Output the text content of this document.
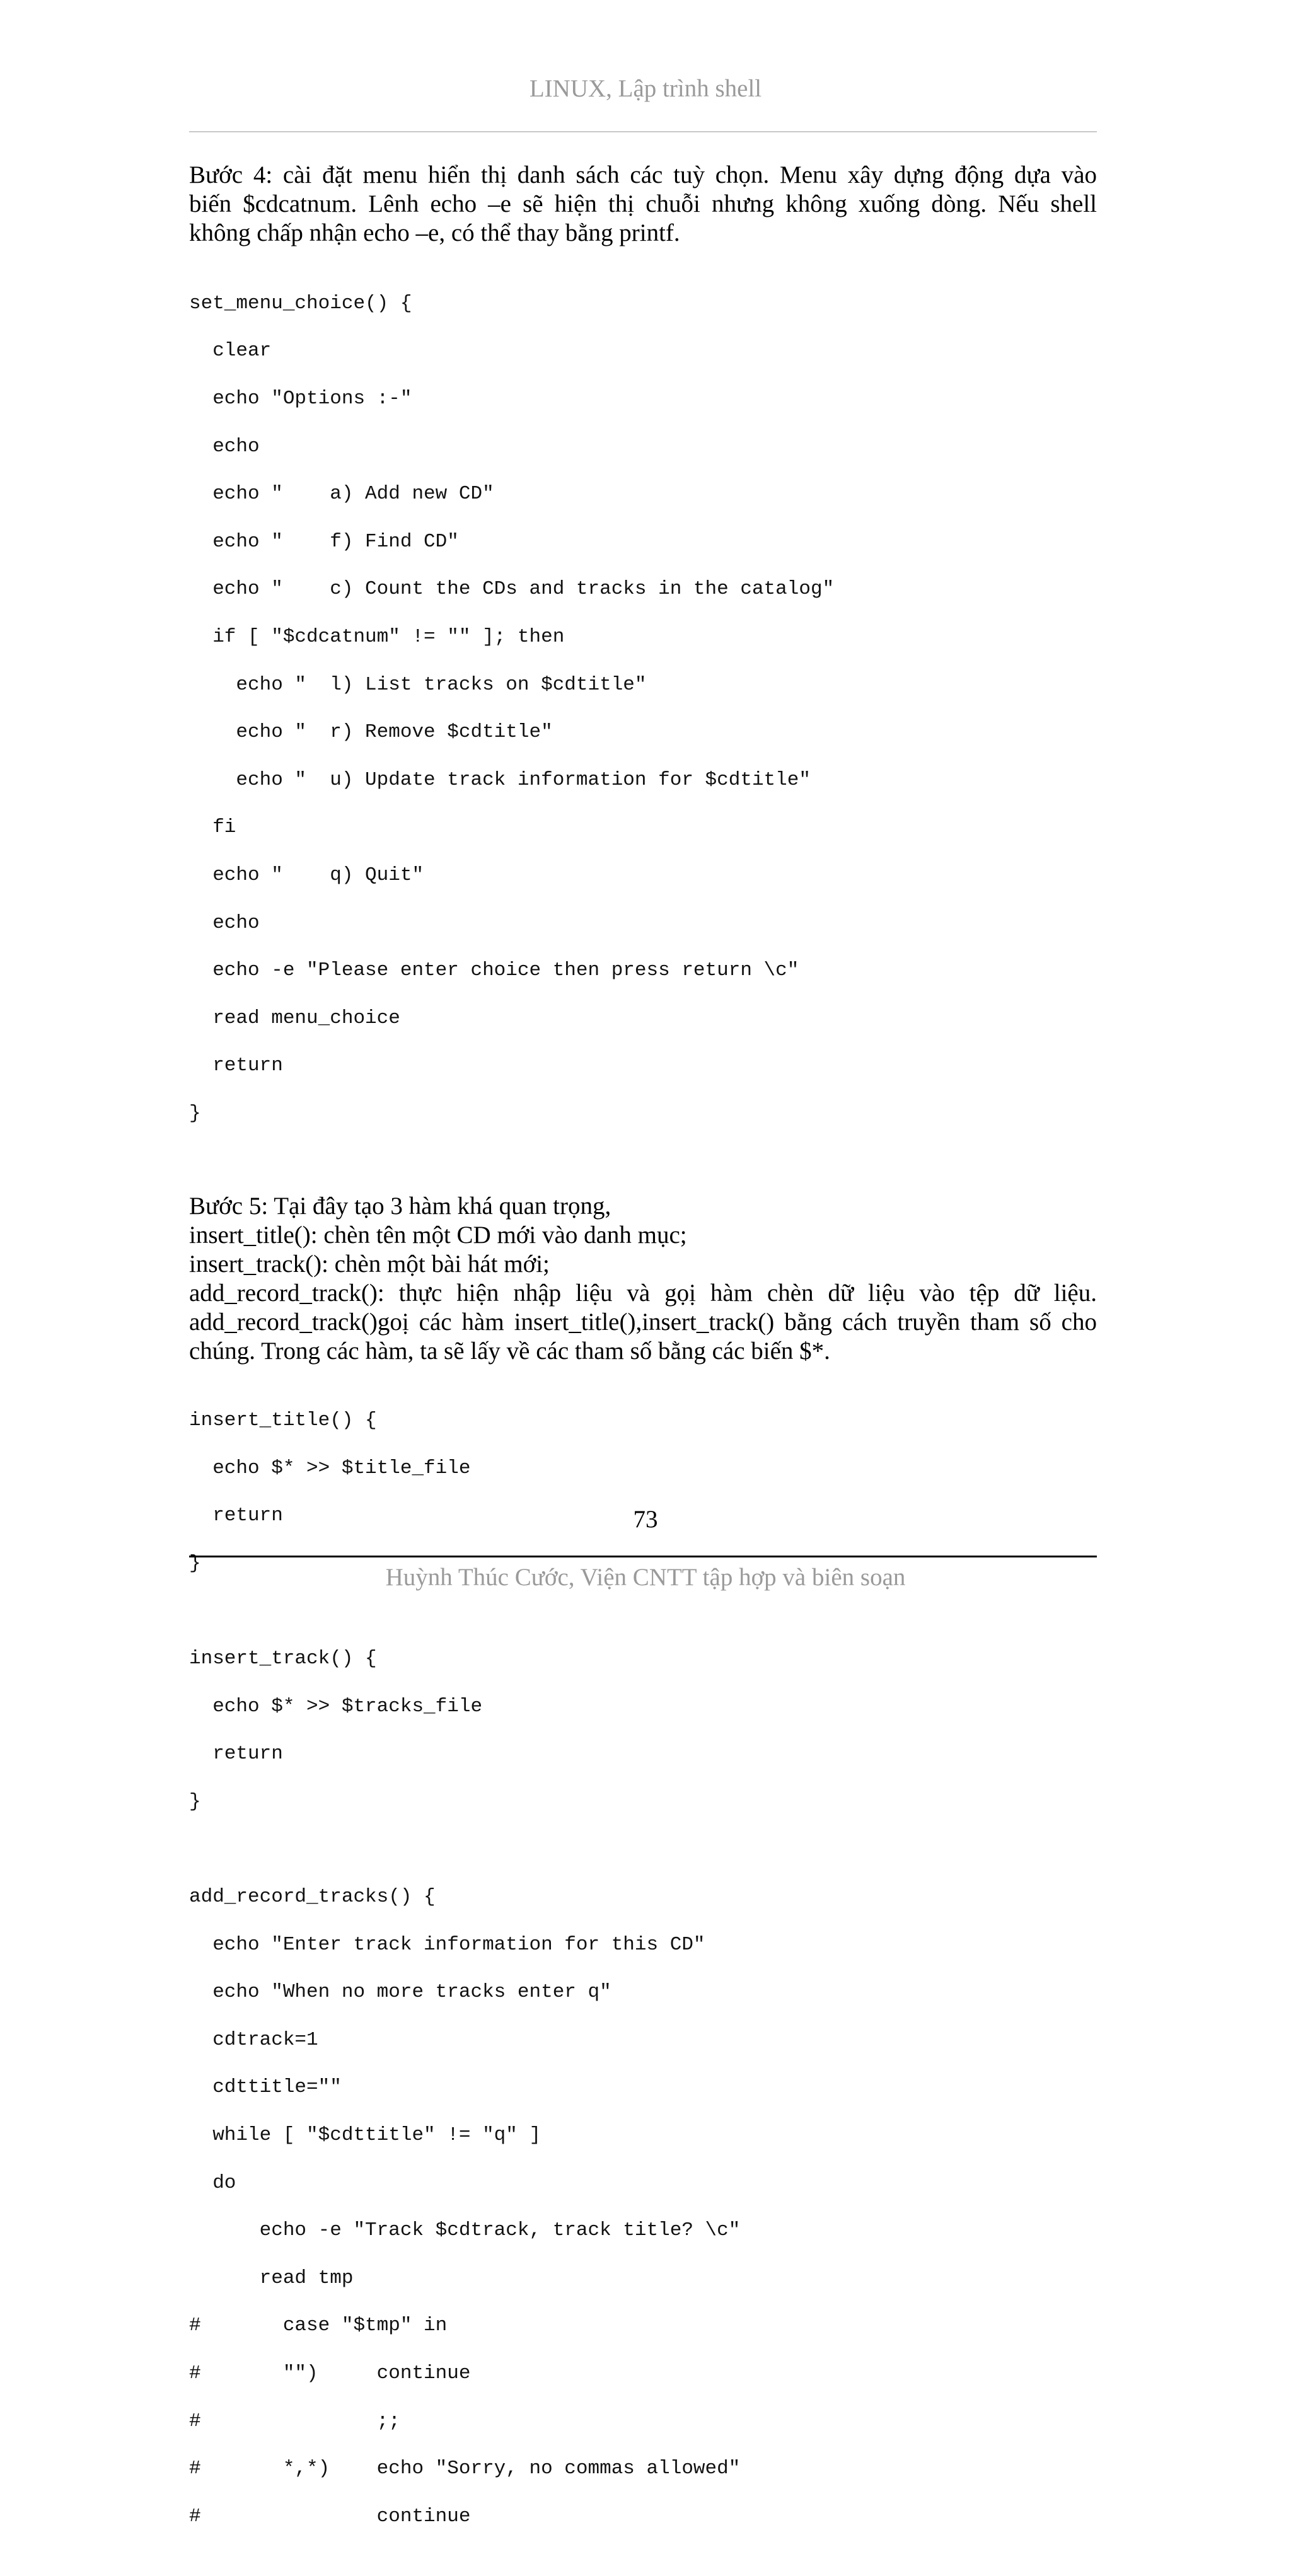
LINUX, Lập trình shell

Bước 4: cài đặt menu hiển thị danh sách các tuỳ chọn. Menu xây dựng động dựa vào
biến $cdcatnum. Lênh echo –e sẽ hiện thị chuỗi nhưng không xuống dòng. Nếu shell
không chấp nhận echo –e, có thể thay bằng printf.

set_menu_choice() {

clear

echo "Options :-"

echo

echo "    a) Add new CD"

echo "    f) Find CD"

echo "    c) Count the CDs and tracks in the catalog"

if [ "$cdcatnum" != "" ]; then

echo "  l) List tracks on $cdtitle"

echo "  r) Remove $cdtitle"

echo "  u) Update track information for $cdtitle"

fi

echo "    q) Quit"

echo

echo -e "Please enter choice then press return \c"

read menu_choice

return

}

Bước 5: Tại đây tạo 3 hàm khá quan trọng,
insert_title(): chèn tên một CD mới vào danh mục;
insert_track(): chèn một bài hát mới;
add_record_track(): thực hiện nhập liệu và gọị hàm chèn dữ liệu vào tệp dữ liệu.
add_record_track()goị các hàm insert_title(),insert_track() bằng cách truyền tham số cho
chúng. Trong các hàm, ta sẽ lấy về các tham số bằng các biến $*.

insert_title() {

echo $* >> $title_file

return

}

insert_track() {

echo $* >> $tracks_file

return

}

add_record_tracks() {

echo "Enter track information for this CD"

echo "When no more tracks enter q"

cdtrack=1

cdttitle=""

while [ "$cdttitle" != "q" ]

do

echo -e "Track $cdtrack, track title? \c"

read tmp

#       case "$tmp" in

#       "")     continue

#               ;;

#       *,*)    echo "Sorry, no commas allowed"

#               continue

73
Huỳnh Thúc Cước, Viện CNTT tập hợp và biên soạn
